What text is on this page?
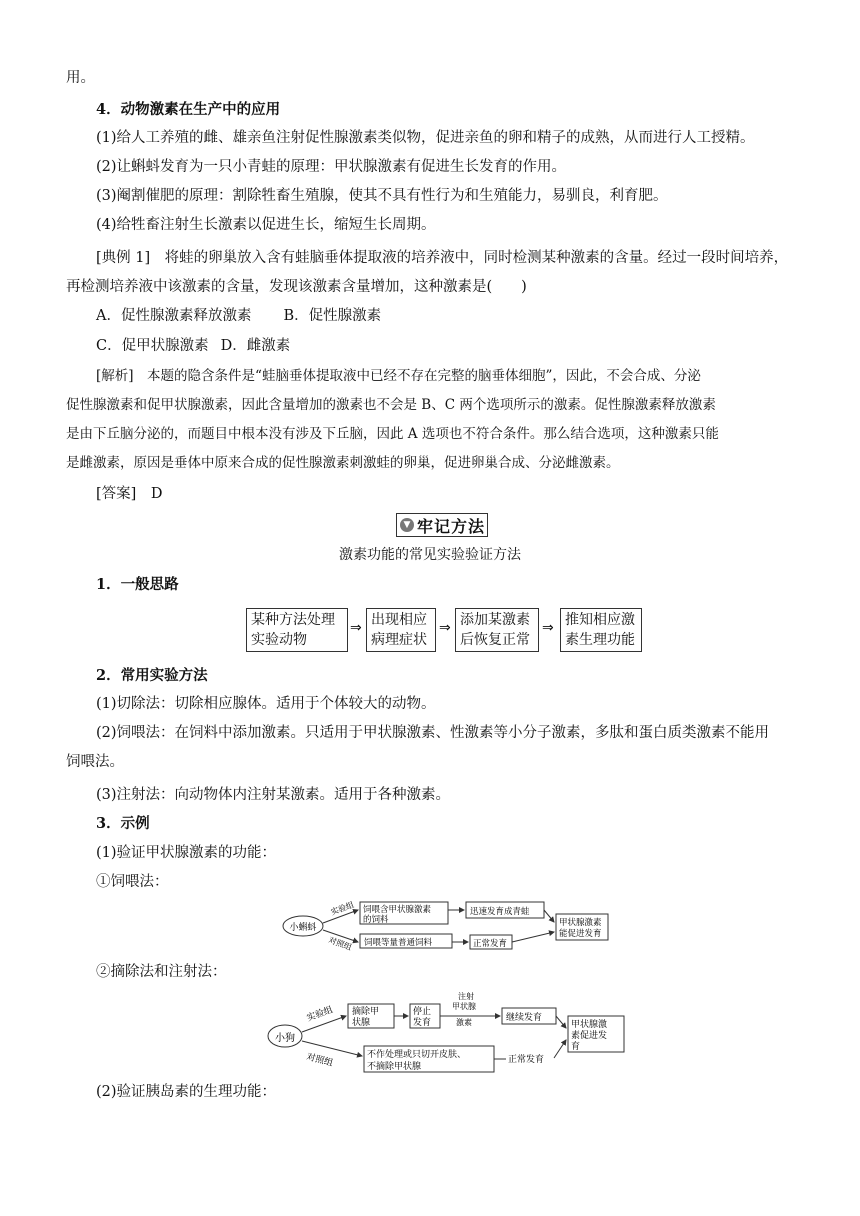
用。
4．动物激素在生产中的应用
(1)给人工养殖的雌、雄亲鱼注射促性腺激素类似物，促进亲鱼的卵和精子的成熟，从而进行人工授精。
(2)让蝌蚪发育为一只小青蛙的原理：甲状腺激素有促进生长发育的作用。
(3)阉割催肥的原理：割除牲畜生殖腺，使其不具有性行为和生殖能力，易驯良，利育肥。
(4)给牲畜注射生长激素以促进生长，缩短生长周期。
[典例 1]　将蛙的卵巢放入含有蛙脑垂体提取液的培养液中，同时检测某种激素的含量。经过一段时间培养，
再检测培养液中该激素的含量，发现该激素含量增加，这种激素是(　　)
A．促性腺激素释放激素 B．促性腺激素
C．促甲状腺激素 D．雌激素
[解析]　本题的隐含条件是“蛙脑垂体提取液中已经不存在完整的脑垂体细胞”，因此，不会合成、分泌
促性腺激素和促甲状腺激素，因此含量增加的激素也不会是 B、C 两个选项所示的激素。促性腺激素释放激素
是由下丘脑分泌的，而题目中根本没有涉及下丘脑，因此 A 选项也不符合条件。那么结合选项，这种激素只能
是雌激素，原因是垂体中原来合成的促性腺激素刺激蛙的卵巢，促进卵巢合成、分泌雌激素。
[答案]　 D
▼ 牢记方法
激素功能的常见实验验证方法
1．一般思路
某种方法处理
实验动物
⇒ 出现相应
病理症状
⇒ 添加某激素
后恢复正常
⇒ 推知相应激
素生理功能
2．常用实验方法
(1)切除法：切除相应腺体。适用于个体较大的动物。
(2)饲喂法：在饲料中添加激素。只适用于甲状腺激素、性激素等小分子激素，多肽和蛋白质类激素不能用
饲喂法。
(3)注射法：向动物体内注射某激素。适用于各种激素。
3．示例
(1)验证甲状腺激素的功能：
①饲喂法：
小蝌蚪
实验组
对照组
饲喂含甲状腺激素
的饲料
迅速发育成青蛙
饲喂等量普通饲料	正常发育
甲状腺激素
能促进发育
②摘除法和注射法：
小狗
实验组
对照组
摘除甲
状腺
停止
发育
注射
甲状腺
激素	继续发育
不作处理或只切开皮肤、
不摘除甲状腺
正常发育
甲状腺激
素促进发
育
(2)验证胰岛素的生理功能：
